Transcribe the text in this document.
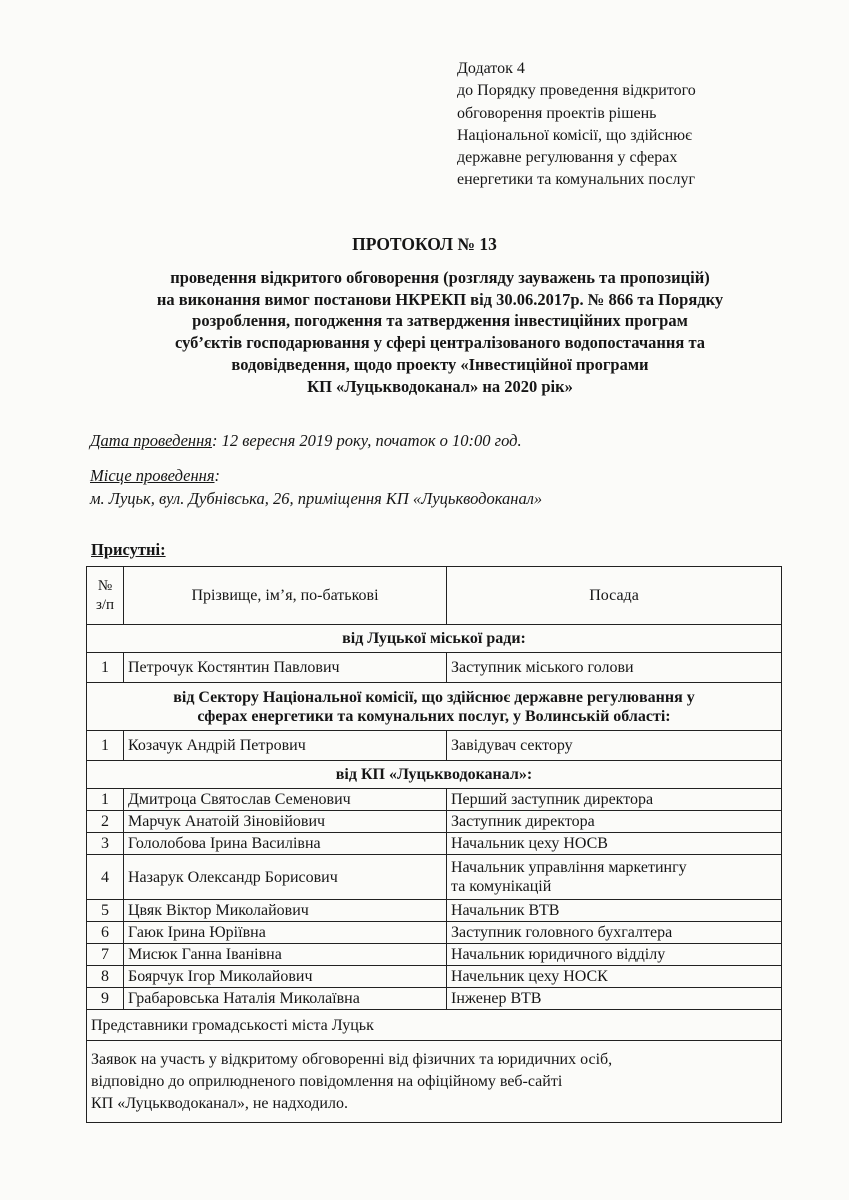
Додаток 4
до Порядку проведення відкритого
обговорення проектів рішень
Національної комісії, що здійснює
державне регулювання у сферах
енергетики та комунальних послуг
ПРОТОКОЛ № 13
проведення відкритого обговорення (розгляду зауважень та пропозицій)
на виконання вимог постанови НКРЕКП від 30.06.2017р. № 866 та Порядку
розроблення, погодження та затвердження інвестиційних програм
суб’єктів господарювання у сфері централізованого водопостачання та
водовідведення, щодо проекту «Інвестиційної програми
КП «Луцькводоканал» на 2020 рік»
Дата проведення: 12 вересня 2019 року, початок о 10:00 год.
Місце проведення:
м. Луцьк, вул. Дубнівська, 26, приміщення КП «Луцькводоканал»
Присутні:
№
з/п	Прізвище, ім’я, по-батькові	Посада
від Луцької міської ради:		
1	Петрочук Костянтин Павлович	Заступник міського голови

від Сектору Національної комісії, що здійснює державне регулювання у
сферах енергетики та комунальних послуг, у Волинській області:		

1	Козачук Андрій Петрович	Завідувач сектору
від КП «Луцькводоканал»:		
1	Дмитроца Святослав Семенович	Перший заступник директора
2	Марчук Анатоій Зіновійович	Заступник директора
3	Гололобова Ірина Василівна	Начальник цеху НОСВ
4	Назарук Олександр Борисович	Начальник управління маркетингу
та комунікацій

5	Цвяк Віктор Миколайович	Начальник ВТВ
6	Гаюк Ірина Юріївна	Заступник головного бухгалтера
7	Мисюк Ганна Іванівна	Начальник юридичного відділу
8	Боярчук Ігор Миколайович	Начельник цеху НОСК
9	Грабаровська Наталія Миколаївна	Інженер ВТВ
Представники громадськості міста Луцьк		

Заявок на участь у відкритому обговоренні від фізичних та юридичних осіб,
відповідно до оприлюдненого повідомлення на офіційному веб-сайті
КП «Луцькводоканал», не надходило.		
